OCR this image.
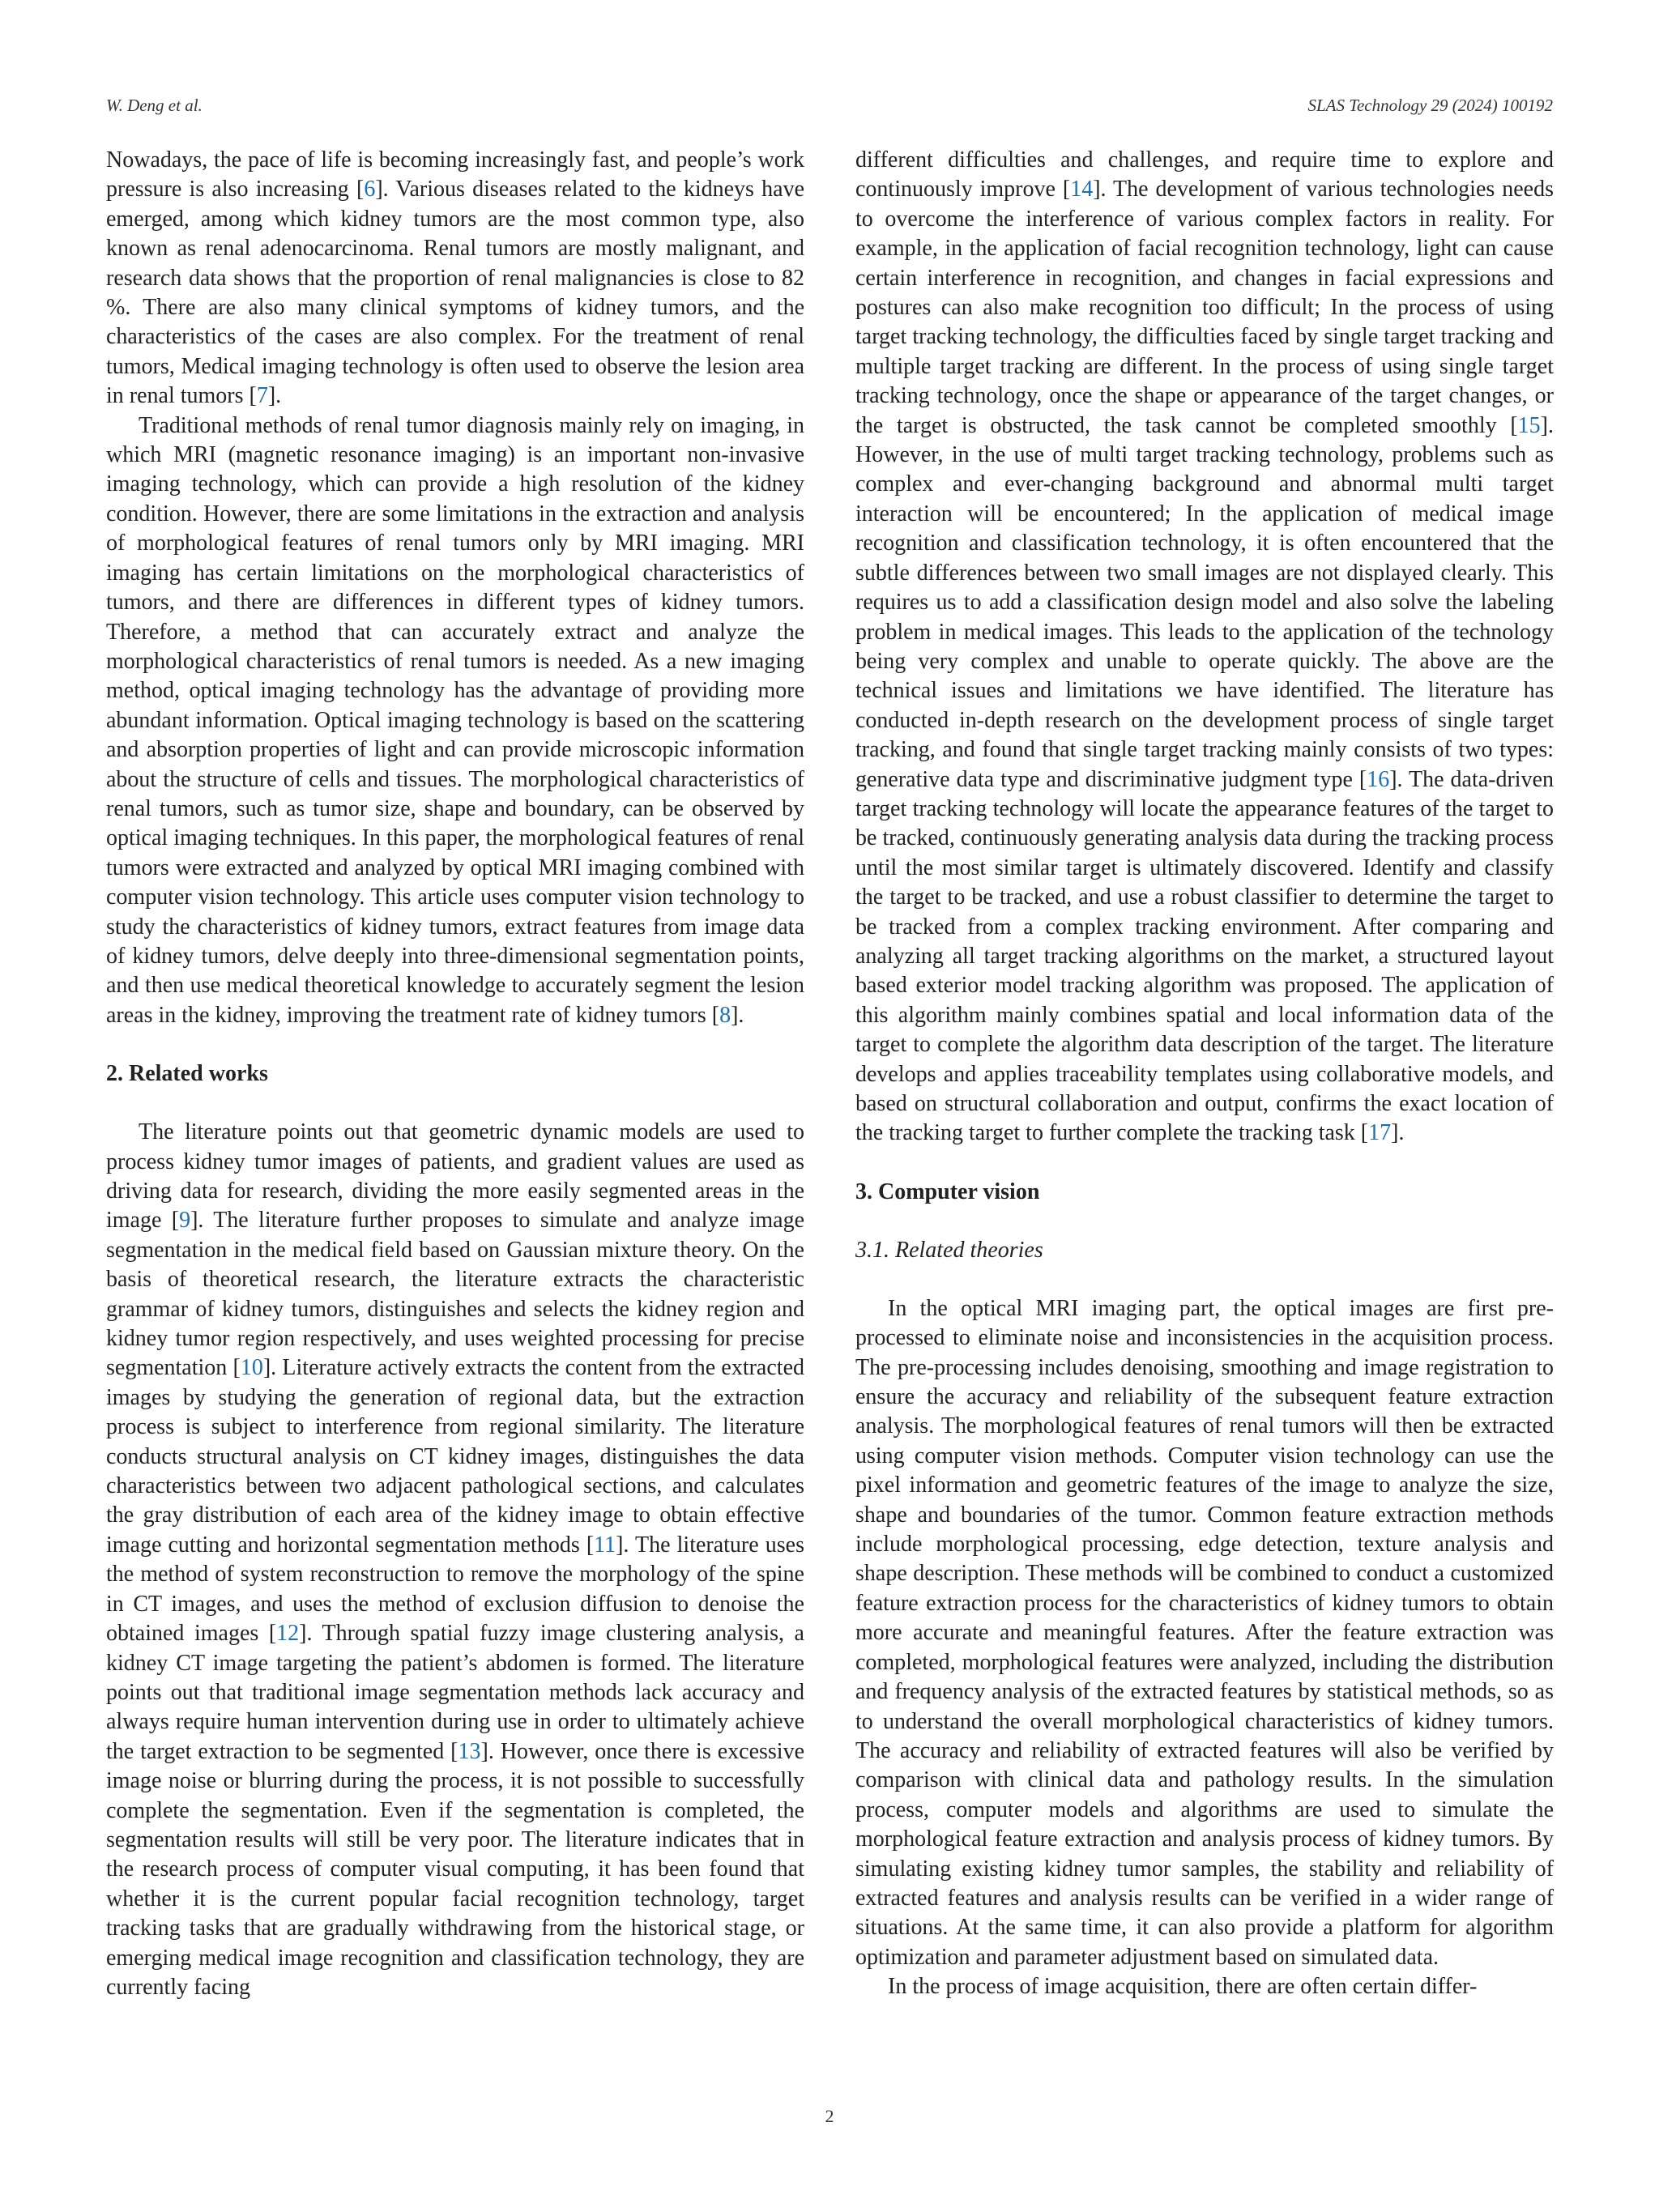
W. Deng et al.	SLAS Technology 29 (2024) 100192

Nowadays, the pace of life is becoming increasingly fast, and people’s work pressure is also increasing [6]. Various diseases related to the kidneys have emerged, among which kidney tumors are the most common type, also known as renal adenocarcinoma. Renal tumors are mostly malignant, and research data shows that the proportion of renal malignancies is close to 82 %. There are also many clinical symptoms of kidney tumors, and the characteristics of the cases are also complex. For the treatment of renal tumors, Medical imaging technology is often used to observe the lesion area in renal tumors [7].

Traditional methods of renal tumor diagnosis mainly rely on imaging, in which MRI (magnetic resonance imaging) is an important non-invasive imaging technology, which can provide a high resolution of the kidney condition. However, there are some limitations in the extraction and analysis of morphological features of renal tumors only by MRI imaging. MRI imaging has certain limitations on the morphological characteristics of tumors, and there are differences in different types of kidney tumors. Therefore, a method that can accurately extract and analyze the morphological characteristics of renal tumors is needed. As a new imaging method, optical imaging technology has the advantage of providing more abundant information. Optical imaging technology is based on the scattering and absorption properties of light and can provide microscopic information about the structure of cells and tissues. The morphological characteristics of renal tumors, such as tumor size, shape and boundary, can be observed by optical imaging techniques. In this paper, the morphological features of renal tumors were extracted and analyzed by optical MRI imaging combined with computer vision technology. This article uses computer vision technology to study the characteristics of kidney tumors, extract features from image data of kidney tumors, delve deeply into three-dimensional segmentation points, and then use medical theoretical knowledge to accurately segment the lesion areas in the kidney, improving the treatment rate of kidney tumors [8].

2. Related works

The literature points out that geometric dynamic models are used to process kidney tumor images of patients, and gradient values are used as driving data for research, dividing the more easily segmented areas in the image [9]. The literature further proposes to simulate and analyze image segmentation in the medical field based on Gaussian mixture theory. On the basis of theoretical research, the literature extracts the characteristic grammar of kidney tumors, distinguishes and selects the kidney region and kidney tumor region respectively, and uses weighted processing for precise segmentation [10]. Literature actively extracts the content from the extracted images by studying the generation of regional data, but the extraction process is subject to interference from regional similarity. The literature conducts structural analysis on CT kidney images, distinguishes the data characteristics between two adjacent pathological sections, and calculates the gray distribution of each area of the kidney image to obtain effective image cutting and horizontal segmentation methods [11]. The literature uses the method of system reconstruction to remove the morphology of the spine in CT images, and uses the method of exclusion diffusion to denoise the obtained images [12]. Through spatial fuzzy image clustering analysis, a kidney CT image targeting the patient’s abdomen is formed. The literature points out that traditional image segmentation methods lack accuracy and always require human intervention during use in order to ultimately achieve the target extraction to be segmented [13]. However, once there is excessive image noise or blurring during the process, it is not possible to successfully complete the segmentation. Even if the segmentation is completed, the segmentation results will still be very poor. The literature indicates that in the research process of computer visual computing, it has been found that whether it is the current popular facial recognition technology, target tracking tasks that are gradually withdrawing from the historical stage, or emerging medical image recognition and classification technology, they are currently facing

different difficulties and challenges, and require time to explore and continuously improve [14]. The development of various technologies needs to overcome the interference of various complex factors in reality. For example, in the application of facial recognition technology, light can cause certain interference in recognition, and changes in facial expressions and postures can also make recognition too difficult; In the process of using target tracking technology, the difficulties faced by single target tracking and multiple target tracking are different. In the process of using single target tracking technology, once the shape or appearance of the target changes, or the target is obstructed, the task cannot be completed smoothly [15]. However, in the use of multi target tracking technology, problems such as complex and ever-changing background and abnormal multi target interaction will be encountered; In the application of medical image recognition and classification technology, it is often encountered that the subtle differences between two small images are not displayed clearly. This requires us to add a classification design model and also solve the labeling problem in medical images. This leads to the application of the technology being very complex and unable to operate quickly. The above are the technical issues and limitations we have identified. The literature has conducted in-depth research on the development process of single target tracking, and found that single target tracking mainly consists of two types: generative data type and discriminative judgment type [16]. The data-driven target tracking technology will locate the appearance features of the target to be tracked, continuously generating analysis data during the tracking process until the most similar target is ultimately discovered. Identify and classify the target to be tracked, and use a robust classifier to determine the target to be tracked from a complex tracking environment. After comparing and analyzing all target tracking algorithms on the market, a structured layout based exterior model tracking algorithm was proposed. The application of this algorithm mainly combines spatial and local information data of the target to complete the algorithm data description of the target. The literature develops and applies traceability templates using collaborative models, and based on structural collaboration and output, confirms the exact location of the tracking target to further complete the tracking task [17].

3. Computer vision
3.1. Related theories

In the optical MRI imaging part, the optical images are first pre-processed to eliminate noise and inconsistencies in the acquisition process. The pre-processing includes denoising, smoothing and image registration to ensure the accuracy and reliability of the subsequent feature extraction analysis. The morphological features of renal tumors will then be extracted using computer vision methods. Computer vision technology can use the pixel information and geometric features of the image to analyze the size, shape and boundaries of the tumor. Common feature extraction methods include morphological processing, edge detection, texture analysis and shape description. These methods will be combined to conduct a customized feature extraction process for the characteristics of kidney tumors to obtain more accurate and meaningful features. After the feature extraction was completed, morphological features were analyzed, including the distribution and frequency analysis of the extracted features by statistical methods, so as to understand the overall morphological characteristics of kidney tumors. The accuracy and reliability of extracted features will also be verified by comparison with clinical data and pathology results. In the simulation process, computer models and algorithms are used to simulate the morphological feature extraction and analysis process of kidney tumors. By simulating existing kidney tumor samples, the stability and reliability of extracted features and analysis results can be verified in a wider range of situations. At the same time, it can also provide a platform for algorithm optimization and parameter adjustment based on simulated data.

In the process of image acquisition, there are often certain differ-

2
